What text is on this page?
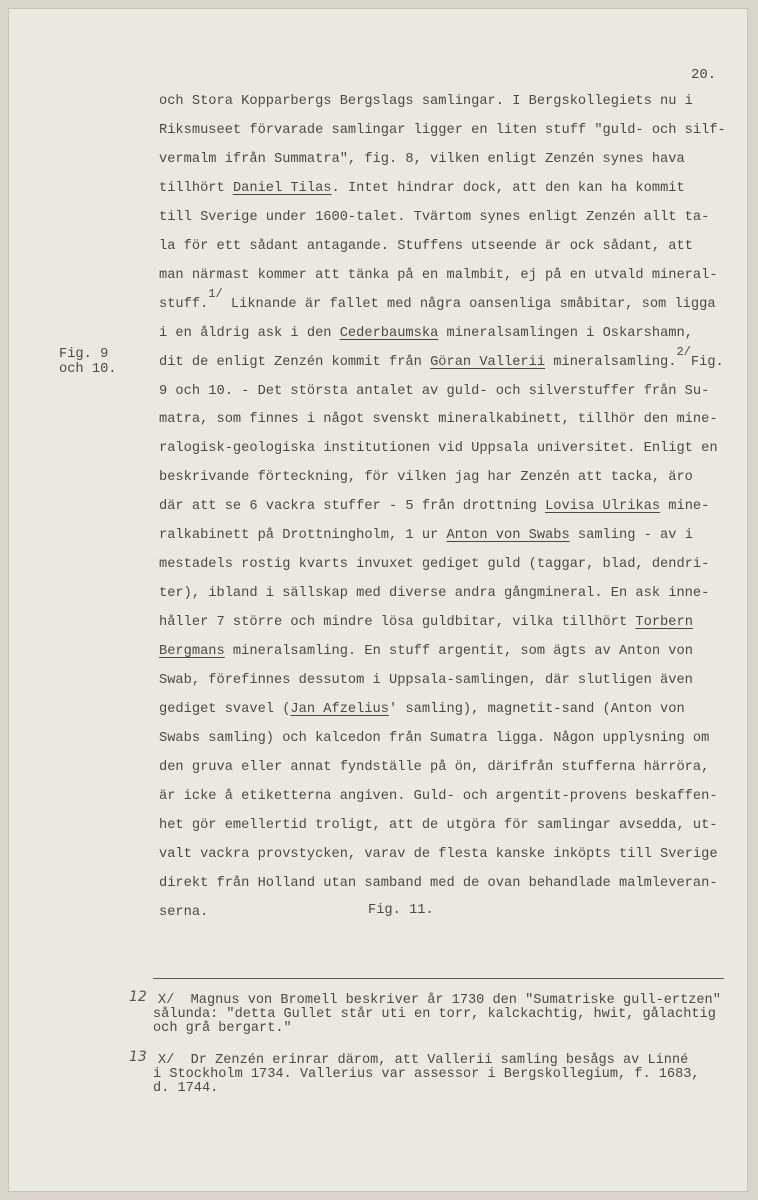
20.
Fig. 9
och 10.
och Stora Kopparbergs Bergslags samlingar. I Bergskollegiets nu i
Riksmuseet förvarade samlingar ligger en liten stuff "guld- och silf-
vermalm ifrån Summatra", fig. 8, vilken enligt Zenzén synes hava
tillhört Daniel Tilas. Intet hindrar dock, att den kan ha kommit
till Sverige under 1600-talet. Tvärtom synes enligt Zenzén allt ta-
la för ett sådant antagande. Stuffens utseende är ock sådant, att
man närmast kommer att tänka på en malmbit, ej på en utvald mineral-
stuff.1/ Liknande är fallet med några oansenliga småbitar, som ligga
i en åldrig ask i den Cederbaumska mineralsamlingen i Oskarshamn,
dit de enligt Zenzén kommit från Göran Vallerii mineralsamling.2/Fig.
9 och 10. - Det största antalet av guld- och silverstuffer från Su-
matra, som finnes i något svenskt mineralkabinett, tillhör den mine-
ralogisk-geologiska institutionen vid Uppsala universitet. Enligt en
beskrivande förteckning, för vilken jag har Zenzén att tacka, äro
där att se 6 vackra stuffer - 5 från drottning Lovisa Ulrikas mine-
ralkabinett på Drottningholm, 1 ur Anton von Swabs samling - av i
mestadels rostig kvarts invuxet gediget guld (taggar, blad, dendri-
ter), ibland i sällskap med diverse andra gångmineral. En ask inne-
håller 7 större och mindre lösa guldbitar, vilka tillhört Torbern
Bergmans mineralsamling. En stuff argentit, som ägts av Anton von
Swab, förefinnes dessutom i Uppsala-samlingen, där slutligen även
gediget svavel (Jan Afzelius' samling), magnetit-sand (Anton von
Swabs samling) och kalcedon från Sumatra ligga. Någon upplysning om
den gruva eller annat fyndställe på ön, därifrån stufferna härröra,
är icke å etiketterna angiven. Guld- och argentit-provens beskaffen-
het gör emellertid troligt, att de utgöra för samlingar avsedda, ut-
valt vackra provstycken, varav de flesta kanske inköpts till Sverige
direkt från Holland utan samband med de ovan behandlade malmleveran-
serna.	Fig. 11.
12 X/  Magnus von Bromell beskriver år 1730 den "Sumatriske gull-ertzen"
sålunda: "detta Gullet står uti en torr, kalckachtig, hwit, gålachtig
och grå bergart."
13 X/  Dr Zenzén erinrar därom, att Vallerii samling besågs av Linné
i Stockholm 1734. Vallerius var assessor i Bergskollegium, f. 1683,
d. 1744.
